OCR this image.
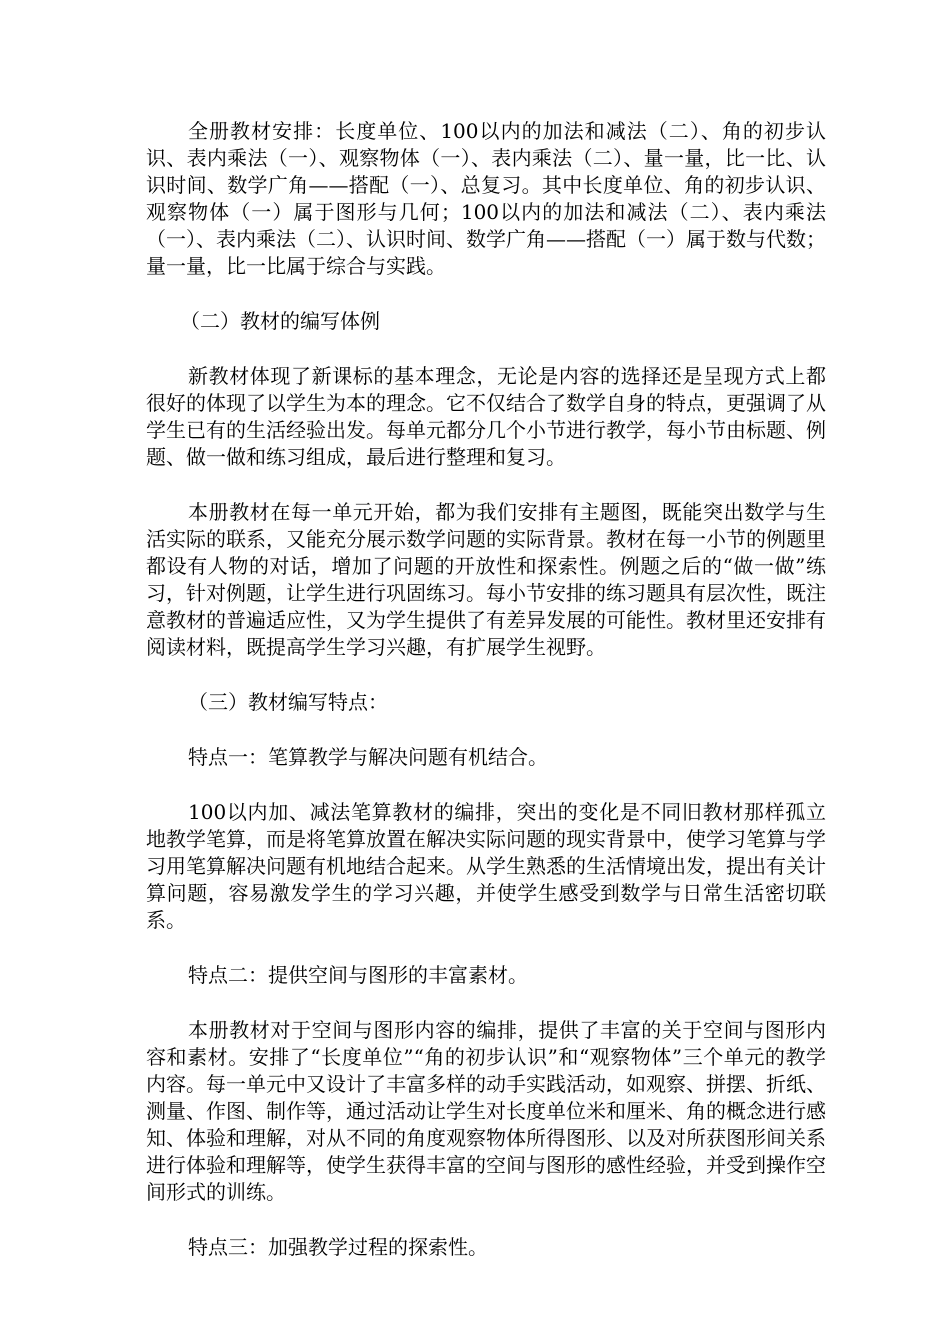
全册教材安排：长度单位、100以内的加法和减法（二）、角的初步认识、表内乘法（一）、观察物体（一）、表内乘法（二）、量一量，比一比、认识时间、数学广角——搭配（一）、总复习。其中长度单位、角的初步认识、观察物体（一）属于图形与几何；100以内的加法和减法（二）、表内乘法（一）、表内乘法（二）、认识时间、数学广角——搭配（一）属于数与代数；量一量，比一比属于综合与实践。

（二）教材的编写体例

新教材体现了新课标的基本理念，无论是内容的选择还是呈现方式上都很好的体现了以学生为本的理念。它不仅结合了数学自身的特点，更强调了从学生已有的生活经验出发。每单元都分几个小节进行教学，每小节由标题、例题、做一做和练习组成，最后进行整理和复习。

本册教材在每一单元开始，都为我们安排有主题图，既能突出数学与生活实际的联系，又能充分展示数学问题的实际背景。教材在每一小节的例题里都设有人物的对话，增加了问题的开放性和探索性。例题之后的“做一做”练习，针对例题，让学生进行巩固练习。每小节安排的练习题具有层次性，既注意教材的普遍适应性，又为学生提供了有差异发展的可能性。教材里还安排有阅读材料，既提高学生学习兴趣，有扩展学生视野。

（三）教材编写特点：

特点一：笔算教学与解决问题有机结合。

100以内加、减法笔算教材的编排，突出的变化是不同旧教材那样孤立地教学笔算，而是将笔算放置在解决实际问题的现实背景中，使学习笔算与学习用笔算解决问题有机地结合起来。从学生熟悉的生活情境出发，提出有关计算问题，容易激发学生的学习兴趣，并使学生感受到数学与日常生活密切联系。

特点二：提供空间与图形的丰富素材。

本册教材对于空间与图形内容的编排，提供了丰富的关于空间与图形内容和素材。安排了“长度单位”“角的初步认识”和“观察物体”三个单元的教学内容。每一单元中又设计了丰富多样的动手实践活动，如观察、拼摆、折纸、测量、作图、制作等，通过活动让学生对长度单位米和厘米、角的概念进行感知、体验和理解，对从不同的角度观察物体所得图形、以及对所获图形间关系进行体验和理解等，使学生获得丰富的空间与图形的感性经验，并受到操作空间形式的训练。

特点三：加强教学过程的探索性。
